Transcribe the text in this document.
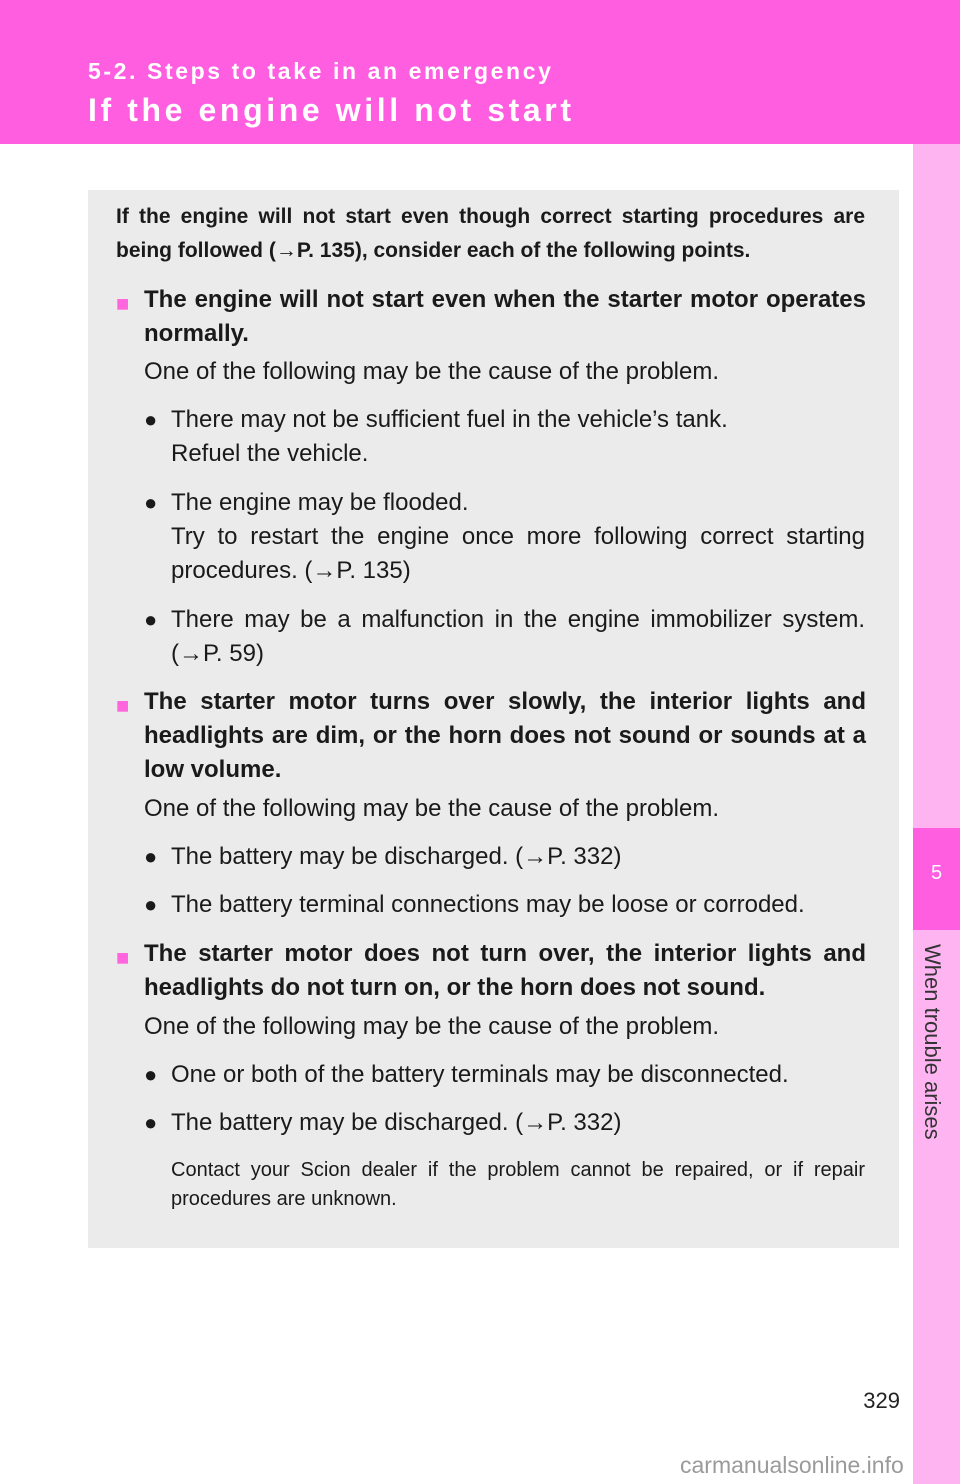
5-2. Steps to take in an emergency
If the engine will not start
5
When trouble arises
If the engine will not start even though correct starting procedures are being followed (→P. 135), consider each of the following points.
■ The engine will not start even when the starter motor operates normally.
One of the following may be the cause of the problem.
● There may not be sufficient fuel in the vehicle’s tank.
Refuel the vehicle.
● The engine may be flooded.
Try to restart the engine once more following correct starting procedures. (→P. 135)
● There may be a malfunction in the engine immobilizer system. (→P. 59)
■ The starter motor turns over slowly, the interior lights and headlights are dim, or the horn does not sound or sounds at a low volume.
One of the following may be the cause of the problem.
● The battery may be discharged. (→P. 332)
● The battery terminal connections may be loose or corroded.
■ The starter motor does not turn over, the interior lights and headlights do not turn on, or the horn does not sound.
One of the following may be the cause of the problem.
● One or both of the battery terminals may be disconnected.
● The battery may be discharged. (→P. 332)
Contact your Scion dealer if the problem cannot be repaired, or if repair procedures are unknown.
329
carmanualsonline.info
